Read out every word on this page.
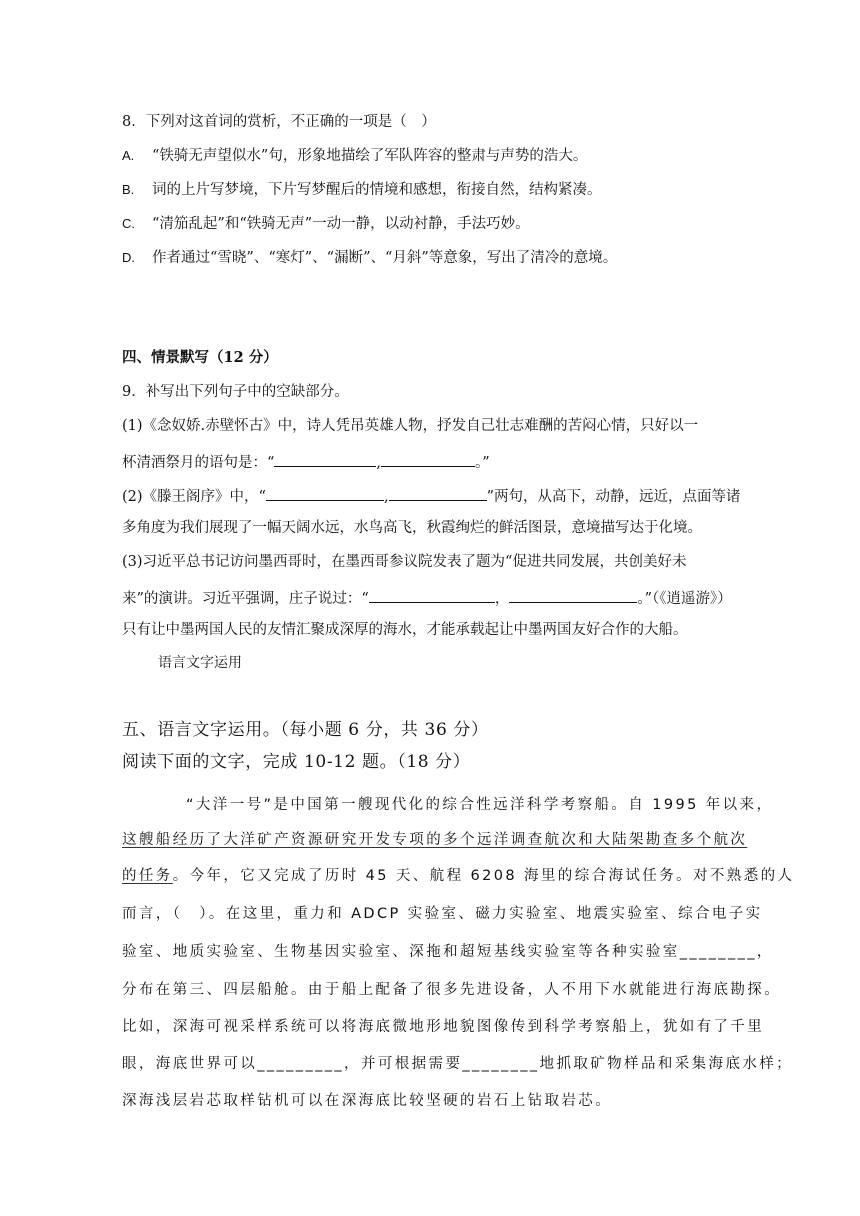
8．下列对这首词的赏析，不正确的一项是（　）
A. “铁骑无声望似水”句，形象地描绘了军队阵容的整肃与声势的浩大。
B. 词的上片写梦境，下片写梦醒后的情境和感想，衔接自然，结构紧凑。
C. “清笳乱起”和“铁骑无声”一动一静，以动衬静，手法巧妙。
D. 作者通过“雪晓”、“寒灯”、“漏断”、“月斜”等意象，写出了清冷的意境。
四、情景默写（12 分）
9．补写出下列句子中的空缺部分。
(1)《念奴娇.赤壁怀古》中，诗人凭吊英雄人物，抒发自己壮志难酬的苦闷心情，只好以一
杯清酒祭月的语句是：“	,	。”
(2)《滕王阁序》中，“	,	”两句，从高下，动静，远近，点面等诸
多角度为我们展现了一幅天阔水远，水鸟高飞，秋霞绚烂的鲜活图景，意境描写达于化境。
(3)习近平总书记访问墨西哥时，在墨西哥参议院发表了题为“促进共同发展，共创美好未
来”的演讲。习近平强调，庄子说过：“	，	。”（《逍遥游》）
只有让中墨两国人民的友情汇聚成深厚的海水，才能承载起让中墨两国友好合作的大船。
语言文字运用
五、语言文字运用。（每小题 6 分，共 36 分）
阅读下面的文字，完成 10-12 题。（18 分）
“大洋一号”是中国第一艘现代化的综合性远洋科学考察船。自 1995 年以来，
这艘船经历了大洋矿产资源研究开发专项的多个远洋调查航次和大陆架勘查多个航次
的任务。今年，它又完成了历时 45 天、航程 6208 海里的综合海试任务。对不熟悉的人
而言，（　）。在这里，重力和 ADCP 实验室、磁力实验室、地震实验室、综合电子实
验室、地质实验室、生物基因实验室、深拖和超短基线实验室等各种实验室________，
分布在第三、四层船舱。由于船上配备了很多先进设备，人不用下水就能进行海底勘探。
比如，深海可视采样系统可以将海底微地形地貌图像传到科学考察船上，犹如有了千里
眼，海底世界可以_________，并可根据需要________地抓取矿物样品和采集海底水样；
深海浅层岩芯取样钻机可以在深海底比较坚硬的岩石上钻取岩芯。
